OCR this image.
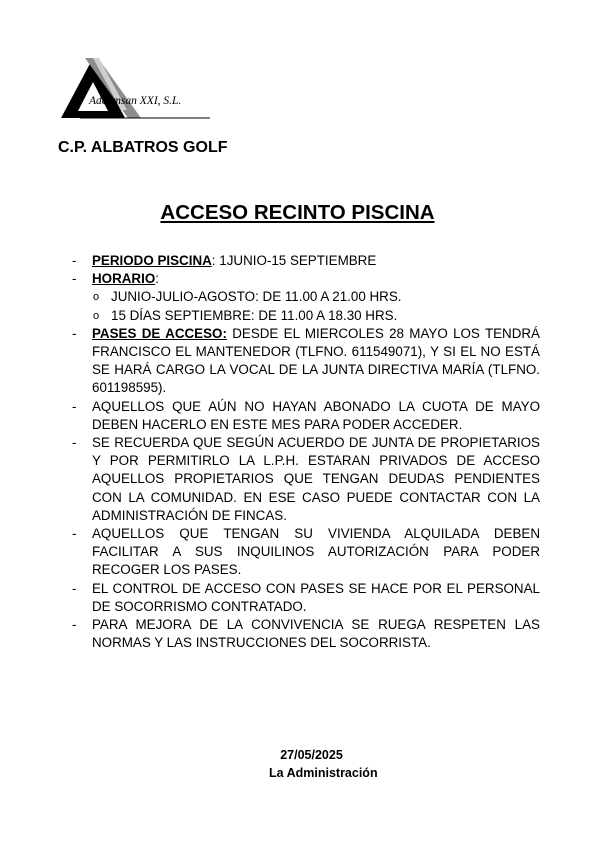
Adcomsan XXI, S.L.
C.P. ALBATROS GOLF
ACCESO RECINTO PISCINA
- PERIODO PISCINA: 1JUNIO-15 SEPTIEMBRE
- HORARIO:
o JUNIO-JULIO-AGOSTO: DE 11.00 A 21.00 HRS.
o 15 DÍAS SEPTIEMBRE: DE 11.00 A 18.30 HRS.
- PASES DE ACCESO: DESDE EL MIERCOLES 28 MAYO LOS TENDRÁ FRANCISCO EL MANTENEDOR (TLFNO. 611549071), Y SI EL NO ESTÁ SE HARÁ CARGO LA VOCAL DE LA JUNTA DIRECTIVA MARÍA (TLFNO. 601198595).
- AQUELLOS QUE AÚN NO HAYAN ABONADO LA CUOTA DE MAYO DEBEN HACERLO EN ESTE MES PARA PODER ACCEDER.
- SE RECUERDA QUE SEGÚN ACUERDO DE JUNTA DE PROPIETARIOS Y POR PERMITIRLO LA L.P.H. ESTARAN PRIVADOS DE ACCESO AQUELLOS PROPIETARIOS QUE TENGAN DEUDAS PENDIENTES CON LA COMUNIDAD. EN ESE CASO PUEDE CONTACTAR CON LA ADMINISTRACIÓN DE FINCAS.
- AQUELLOS QUE TENGAN SU VIVIENDA ALQUILADA DEBEN FACILITAR A SUS INQUILINOS AUTORIZACIÓN PARA PODER RECOGER LOS PASES.
- EL CONTROL DE ACCESO CON PASES SE HACE POR EL PERSONAL DE SOCORRISMO CONTRATADO.
- PARA MEJORA DE LA CONVIVENCIA SE RUEGA RESPETEN LAS NORMAS Y LAS INSTRUCCIONES DEL SOCORRISTA.
27/05/2025
La Administración
